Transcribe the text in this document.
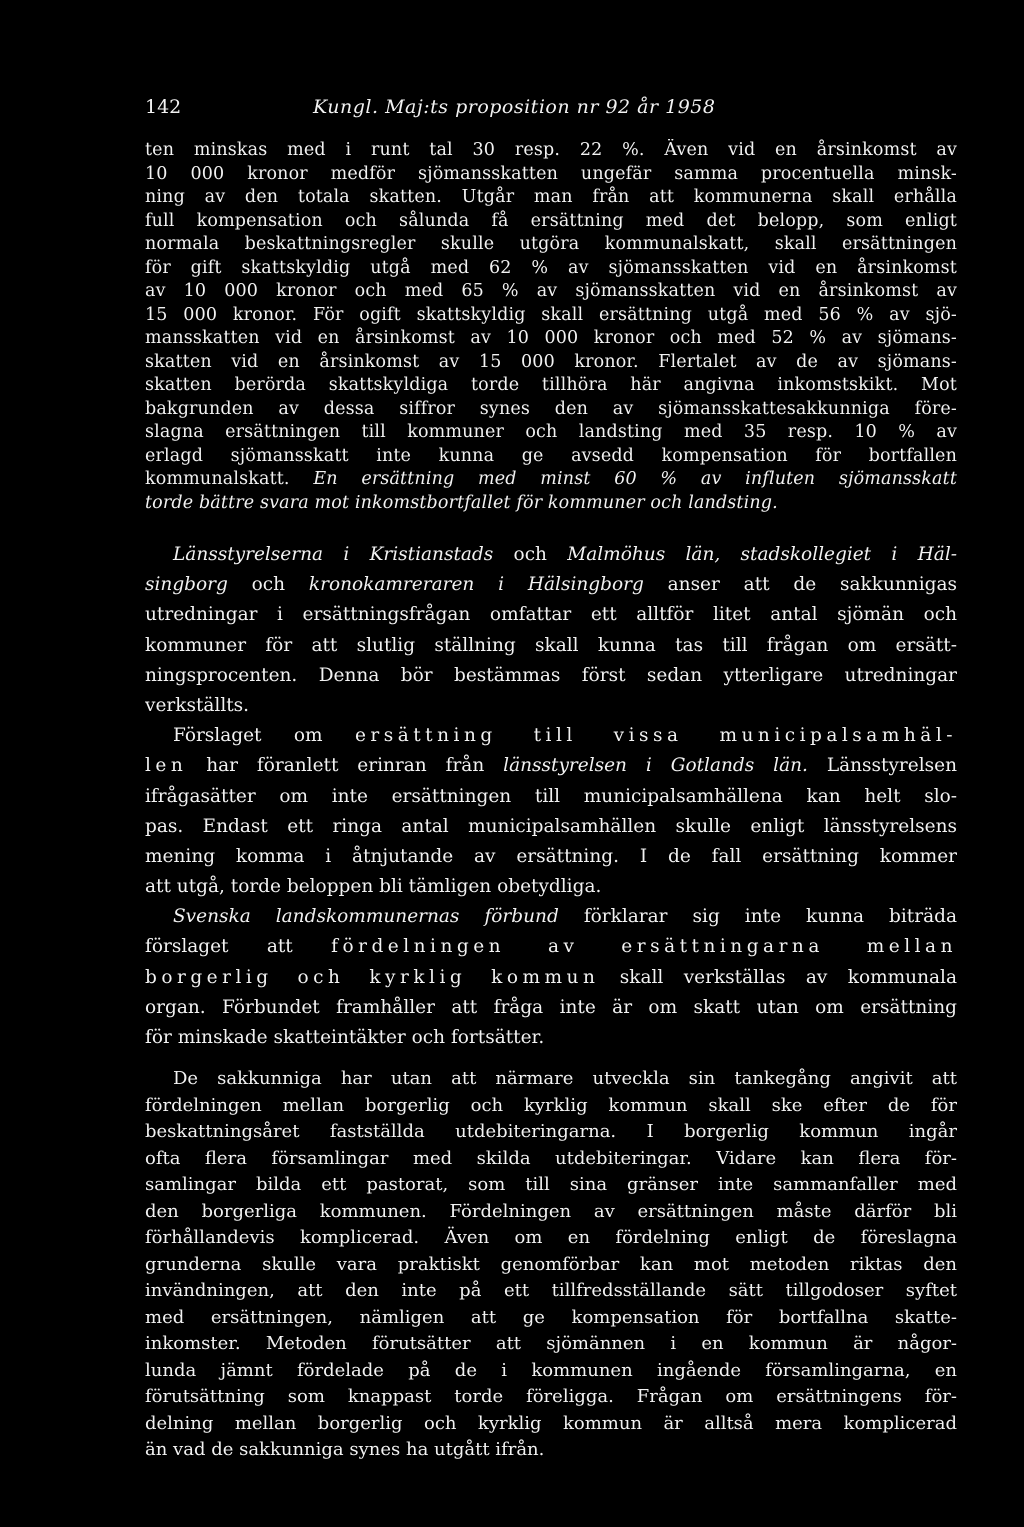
142	Kungl. Maj:ts proposition nr 92 år 1958

ten minskas med i runt tal 30 resp. 22 %. Även vid en årsinkomst av

10 000 kronor medför sjömansskatten ungefär samma procentuella minsk-

ning av den totala skatten. Utgår man från att kommunerna skall erhålla

full kompensation och sålunda få ersättning med det belopp, som enligt

normala beskattningsregler skulle utgöra kommunalskatt, skall ersättningen

för gift skattskyldig utgå med 62 % av sjömansskatten vid en årsinkomst

av 10 000 kronor och med 65 % av sjömansskatten vid en årsinkomst av

15 000 kronor. För ogift skattskyldig skall ersättning utgå med 56 % av sjö-

mansskatten vid en årsinkomst av 10 000 kronor och med 52 % av sjömans-

skatten vid en årsinkomst av 15 000 kronor. Flertalet av de av sjömans-

skatten berörda skattskyldiga torde tillhöra här angivna inkomstskikt. Mot

bakgrunden av dessa siffror synes den av sjömansskattesakkunniga före-

slagna ersättningen till kommuner och landsting med 35 resp. 10 % av

erlagd sjömansskatt inte kunna ge avsedd kompensation för bortfallen

kommunalskatt. En ersättning med minst 60 % av influten sjömansskatt

torde bättre svara mot inkomstbortfallet för kommuner och landsting.

Länsstyrelserna i Kristianstads och Malmöhus län, stadskollegiet i Häl-

singborg och kronokamreraren i Hälsingborg anser att de sakkunnigas

utredningar i ersättningsfrågan omfattar ett alltför litet antal sjömän och

kommuner för att slutlig ställning skall kunna tas till frågan om ersätt-

ningsprocenten. Denna bör bestämmas först sedan ytterligare utredningar

verkställts.

Förslaget om ersättning till vissa municipalsamhäl-

len har föranlett erinran från länsstyrelsen i Gotlands län. Länsstyrelsen

ifrågasätter om inte ersättningen till municipalsamhällena kan helt slo-

pas. Endast ett ringa antal municipalsamhällen skulle enligt länsstyrelsens

mening komma i åtnjutande av ersättning. I de fall ersättning kommer

att utgå, torde beloppen bli tämligen obetydliga.

Svenska landskommunernas förbund förklarar sig inte kunna biträda

förslaget att fördelningen av ersättningarna mellan

borgerlig och kyrklig kommun skall verkställas av kommunala

organ. Förbundet framhåller att fråga inte är om skatt utan om ersättning

för minskade skatteintäkter och fortsätter.

De sakkunniga har utan att närmare utveckla sin tankegång angivit att

fördelningen mellan borgerlig och kyrklig kommun skall ske efter de för

beskattningsåret fastställda utdebiteringarna. I borgerlig kommun ingår

ofta flera församlingar med skilda utdebiteringar. Vidare kan flera för-

samlingar bilda ett pastorat, som till sina gränser inte sammanfaller med

den borgerliga kommunen. Fördelningen av ersättningen måste därför bli

förhållandevis komplicerad. Även om en fördelning enligt de föreslagna

grunderna skulle vara praktiskt genomförbar kan mot metoden riktas den

invändningen, att den inte på ett tillfredsställande sätt tillgodoser syftet

med ersättningen, nämligen att ge kompensation för bortfallna skatte-

inkomster. Metoden förutsätter att sjömännen i en kommun är någor-

lunda jämnt fördelade på de i kommunen ingående församlingarna, en

förutsättning som knappast torde föreligga. Frågan om ersättningens för-

delning mellan borgerlig och kyrklig kommun är alltså mera komplicerad

än vad de sakkunniga synes ha utgått ifrån.
